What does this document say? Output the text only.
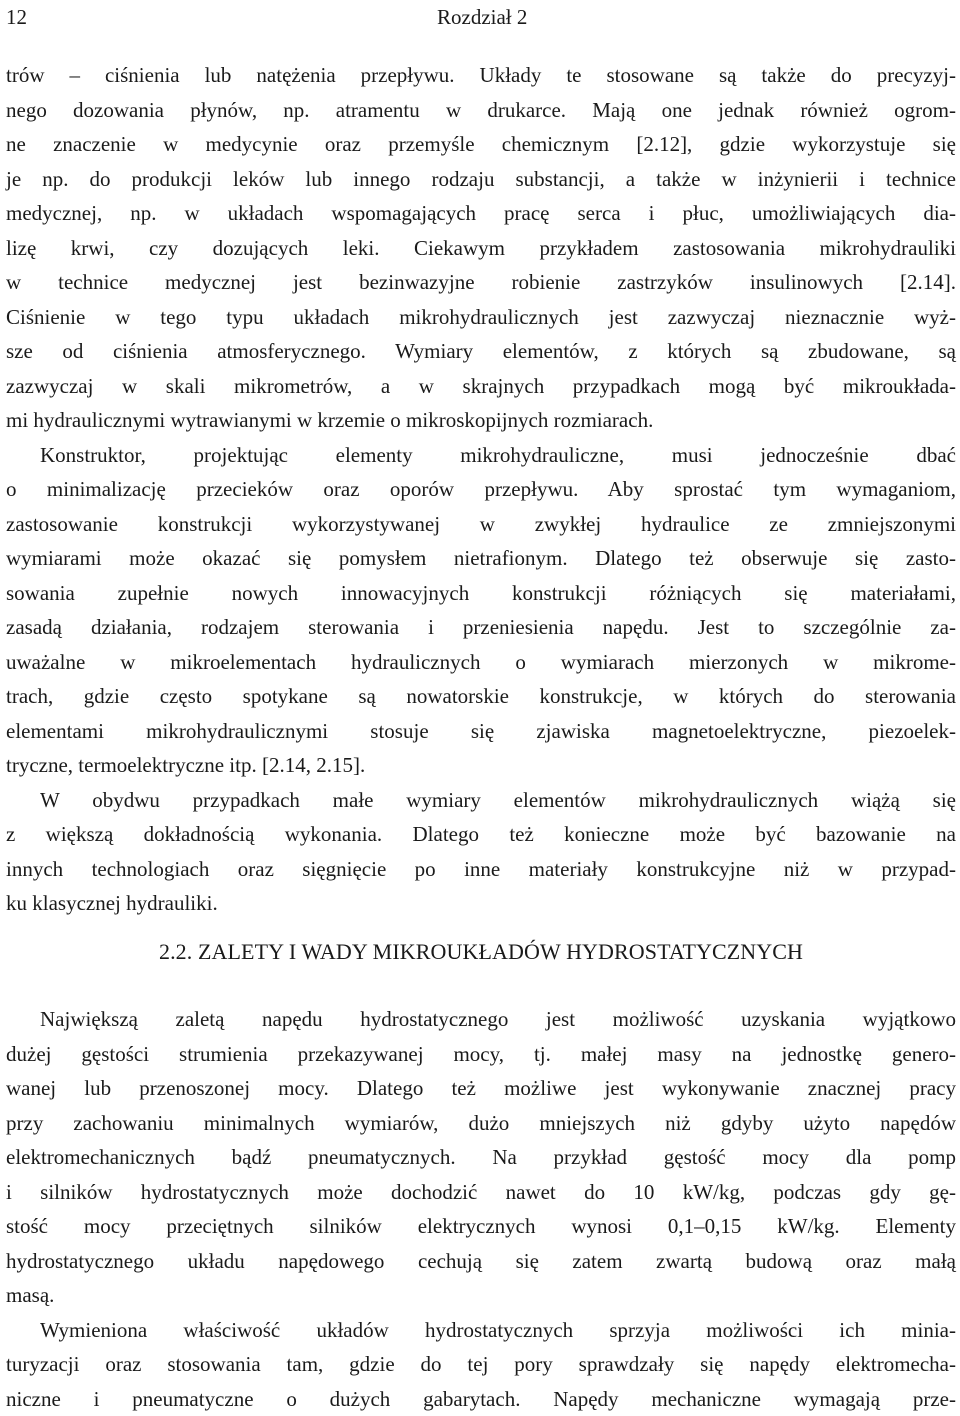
12	Rozdział 2
trów – ciśnienia lub natężenia przepływu. Układy te stosowane są także do precyzyj-
nego dozowania płynów, np. atramentu w drukarce. Mają one jednak również ogrom-
ne znaczenie w medycynie oraz przemyśle chemicznym [2.12], gdzie wykorzystuje się
je np. do produkcji leków lub innego rodzaju substancji, a także w inżynierii i technice
medycznej, np. w układach wspomagających pracę serca i płuc, umożliwiających dia-
lizę krwi, czy dozujących leki. Ciekawym przykładem zastosowania mikrohydrauliki
w technice medycznej jest bezinwazyjne robienie zastrzyków insulinowych [2.14].
Ciśnienie w tego typu układach mikrohydraulicznych jest zazwyczaj nieznacznie wyż-
sze od ciśnienia atmosferycznego. Wymiary elementów, z których są zbudowane, są
zazwyczaj w skali mikrometrów, a w skrajnych przypadkach mogą być mikroukłada-
mi hydraulicznymi wytrawianymi w krzemie o mikroskopijnych rozmiarach.
Konstruktor, projektując elementy mikrohydrauliczne, musi jednocześnie dbać
o minimalizację przecieków oraz oporów przepływu. Aby sprostać tym wymaganiom,
zastosowanie konstrukcji wykorzystywanej w zwykłej hydraulice ze zmniejszonymi
wymiarami może okazać się pomysłem nietrafionym. Dlatego też obserwuje się zasto-
sowania zupełnie nowych innowacyjnych konstrukcji różniących się materiałami,
zasadą działania, rodzajem sterowania i przeniesienia napędu. Jest to szczególnie za-
uważalne w mikroelementach hydraulicznych o wymiarach mierzonych w mikrome-
trach, gdzie często spotykane są nowatorskie konstrukcje, w których do sterowania
elementami mikrohydraulicznymi stosuje się zjawiska magnetoelektryczne, piezoelek-
tryczne, termoelektryczne itp. [2.14, 2.15].
W obydwu przypadkach małe wymiary elementów mikrohydraulicznych wiążą się
z większą dokładnością wykonania. Dlatego też konieczne może być bazowanie na
innych technologiach oraz sięgnięcie po inne materiały konstrukcyjne niż w przypad-
ku klasycznej hydrauliki.
2.2. ZALETY I WADY MIKROUKŁADÓW HYDROSTATYCZNYCH
Największą zaletą napędu hydrostatycznego jest możliwość uzyskania wyjątkowo
dużej gęstości strumienia przekazywanej mocy, tj. małej masy na jednostkę genero-
wanej lub przenoszonej mocy. Dlatego też możliwe jest wykonywanie znacznej pracy
przy zachowaniu minimalnych wymiarów, dużo mniejszych niż gdyby użyto napędów
elektromechanicznych bądź pneumatycznych. Na przykład gęstość mocy dla pomp
i silników hydrostatycznych może dochodzić nawet do 10 kW/kg, podczas gdy gę-
stość mocy przeciętnych silników elektrycznych wynosi 0,1–0,15 kW/kg. Elementy
hydrostatycznego układu napędowego cechują się zatem zwartą budową oraz małą
masą.
Wymieniona właściwość układów hydrostatycznych sprzyja możliwości ich minia-
turyzacji oraz stosowania tam, gdzie do tej pory sprawdzały się napędy elektromecha-
niczne i pneumatyczne o dużych gabarytach. Napędy mechaniczne wymagają prze-
